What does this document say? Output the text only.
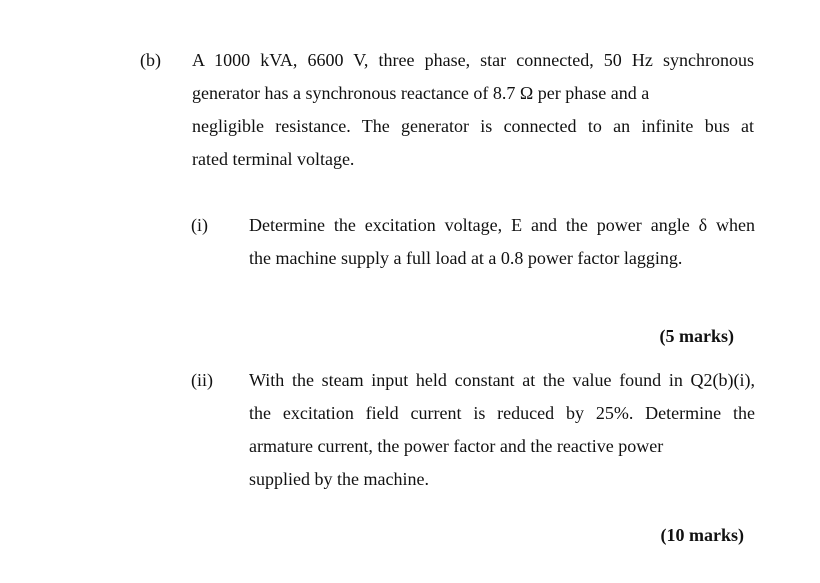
(b) A 1000 kVA, 6600 V, three phase, star connected, 50 Hz synchronous
generator has a synchronous reactance of 8.7 Ω per phase and a
negligible resistance. The generator is connected to an infinite bus at
rated terminal voltage.
(i) Determine the excitation voltage, E and the power angle δ when
the machine supply a full load at a 0.8 power factor lagging.
(5 marks)
(ii) With the steam input held constant at the value found in Q2(b)(i),
the excitation field current is reduced by 25%. Determine the
armature current, the power factor and the reactive power
supplied by the machine.
(10 marks)
